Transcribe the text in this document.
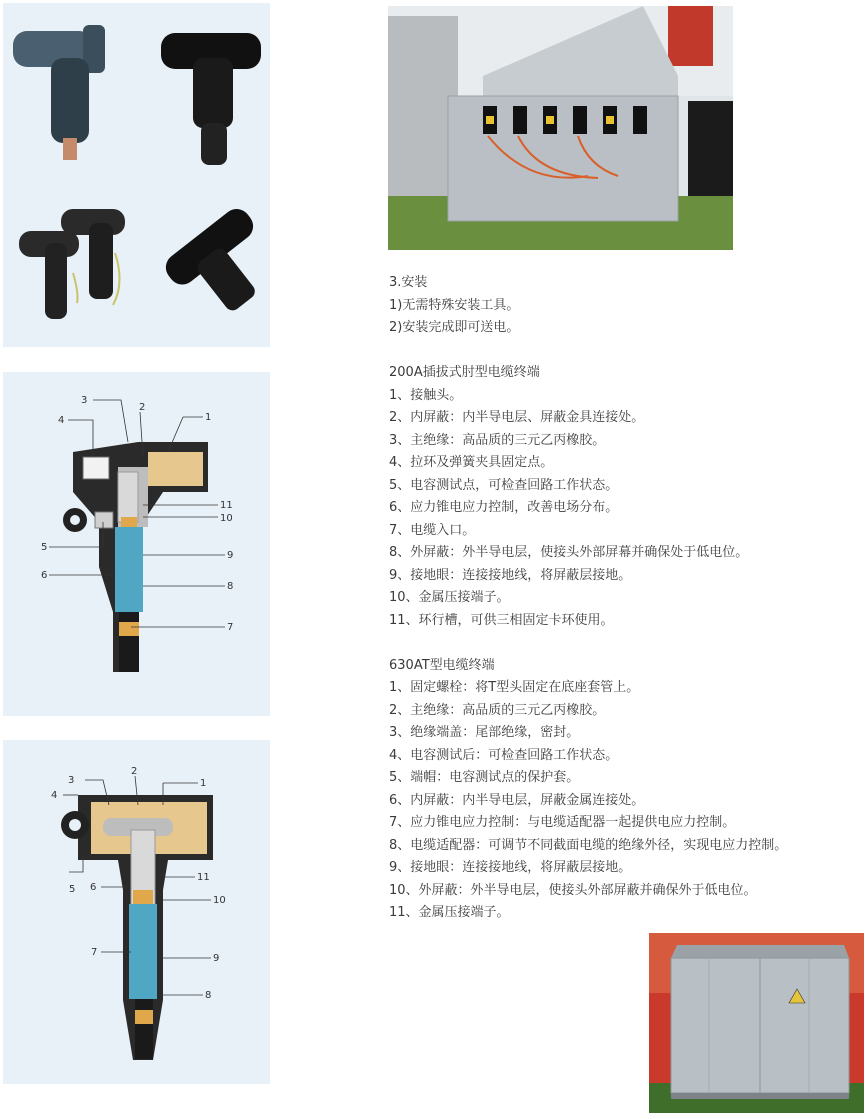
3.安装
1)无需特殊安装工具。
2)安装完成即可送电。
200A插拔式肘型电缆终端
1、接触头。
2、内屏蔽：内半导电层、屏蔽金具连接处。
3、主绝缘：高品质的三元乙丙橡胶。
4、拉环及弹簧夹具固定点。
5、电容测试点，可检查回路工作状态。
6、应力锥电应力控制，改善电场分布。
7、电缆入口。
8、外屏蔽：外半导电层，使接头外部屏幕并确保处于低电位。
9、接地眼：连接接地线，将屏蔽层接地。
10、金属压接端子。
11、环行槽，可供三相固定卡环使用。
630AT型电缆终端
1、固定螺栓：将T型头固定在底座套管上。
2、主绝缘：高品质的三元乙丙橡胶。
3、绝缘端盖：尾部绝缘，密封。
4、电容测试后：可检查回路工作状态。
5、端帽：电容测试点的保护套。
6、内屏蔽：内半导电层，屏蔽金属连接处。
7、应力锥电应力控制：与电缆适配器一起提供电应力控制。
8、电缆适配器：可调节不同截面电缆的绝缘外径，实现电应力控制。
9、接地眼：连接接地线，将屏蔽层接地。
10、外屏蔽：外半导电层，使接头外部屏蔽并确保外于低电位。
11、金属压接端子。
1
2
3
4
5
6
7
8
9
10
11
1
2
3
4
5 6
7
8
9
10
11
